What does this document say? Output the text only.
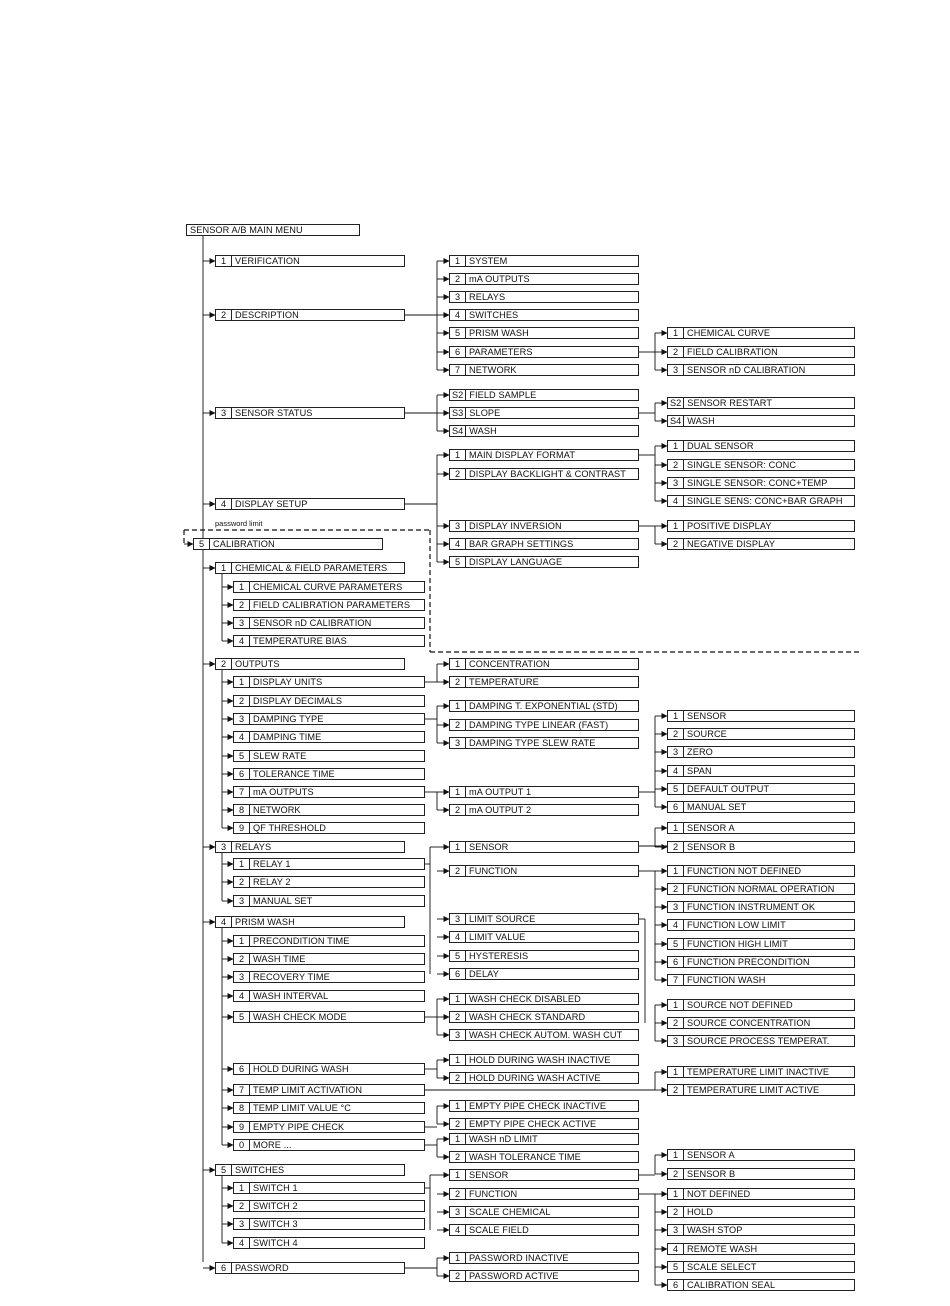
SENSOR A/B MAIN MENU
password limit
1 VERIFICATION
2 DESCRIPTION
3 SENSOR STATUS
4 DISPLAY SETUP
5 CALIBRATION
1 SYSTEM
2 mA OUTPUTS
3 RELAYS
4 SWITCHES
5 PRISM WASH
6 PARAMETERS
7 NETWORK
1 CHEMICAL CURVE
2 FIELD CALIBRATION
3 SENSOR nD CALIBRATION
S2 FIELD SAMPLE
S3 SLOPE
S4 WASH
S2 SENSOR RESTART
S4 WASH
1 MAIN DISPLAY FORMAT
2 DISPLAY BACKLIGHT & CONTRAST
3 DISPLAY INVERSION
4 BAR GRAPH SETTINGS
5 DISPLAY LANGUAGE
1 DUAL SENSOR
2 SINGLE SENSOR: CONC
3 SINGLE SENSOR: CONC+TEMP
4 SINGLE SENS: CONC+BAR GRAPH
1 POSITIVE DISPLAY
2 NEGATIVE DISPLAY
1 CHEMICAL & FIELD PARAMETERS
2 OUTPUTS
3 RELAYS
4 PRISM WASH
5 SWITCHES
6 PASSWORD
1 CHEMICAL CURVE PARAMETERS
2 FIELD CALIBRATION PARAMETERS
3 SENSOR nD CALIBRATION
4 TEMPERATURE BIAS
1 DISPLAY UNITS
2 DISPLAY DECIMALS
3 DAMPING TYPE
4 DAMPING TIME
5 SLEW RATE
6 TOLERANCE TIME
7 mA OUTPUTS
8 NETWORK
9 QF THRESHOLD
1 CONCENTRATION
2 TEMPERATURE
1 DAMPING T. EXPONENTIAL (STD)
2 DAMPING TYPE LINEAR (FAST)
3 DAMPING TYPE SLEW RATE
1 mA OUTPUT 1
2 mA OUTPUT 2
1 SENSOR
2 SOURCE
3 ZERO
4 SPAN
5 DEFAULT OUTPUT
6 MANUAL SET
1 SENSOR A
2 SENSOR B
1 RELAY 1
2 RELAY 2
3 MANUAL SET
1 SENSOR
2 FUNCTION
3 LIMIT SOURCE
4 LIMIT VALUE
5 HYSTERESIS
6 DELAY
1 FUNCTION NOT DEFINED
2 FUNCTION NORMAL OPERATION
3 FUNCTION INSTRUMENT OK
4 FUNCTION LOW LIMIT
5 FUNCTION HIGH LIMIT
6 FUNCTION PRECONDITION
7 FUNCTION WASH
1 SOURCE NOT DEFINED
2 SOURCE CONCENTRATION
3 SOURCE PROCESS TEMPERAT.
1 PRECONDITION TIME
2 WASH TIME
3 RECOVERY TIME
4 WASH INTERVAL
5 WASH CHECK MODE
6 HOLD DURING WASH
7 TEMP LIMIT ACTIVATION
8 TEMP LIMIT VALUE °C
9 EMPTY PIPE CHECK
0 MORE ...
1 WASH CHECK DISABLED
2 WASH CHECK STANDARD
3 WASH CHECK AUTOM. WASH CUT
1 HOLD DURING WASH INACTIVE
2 HOLD DURING WASH ACTIVE
1 TEMPERATURE LIMIT INACTIVE
2 TEMPERATURE LIMIT ACTIVE
1 EMPTY PIPE CHECK INACTIVE
2 EMPTY PIPE CHECK ACTIVE
1 WASH nD LIMIT
2 WASH TOLERANCE TIME
1 SWITCH 1
2 SWITCH 2
3 SWITCH 3
4 SWITCH 4
1 SENSOR
2 FUNCTION
3 SCALE CHEMICAL
4 SCALE FIELD
1 SENSOR A
2 SENSOR B
1 NOT DEFINED
2 HOLD
3 WASH STOP
4 REMOTE WASH
5 SCALE SELECT
6 CALIBRATION SEAL
1 PASSWORD INACTIVE
2 PASSWORD ACTIVE
